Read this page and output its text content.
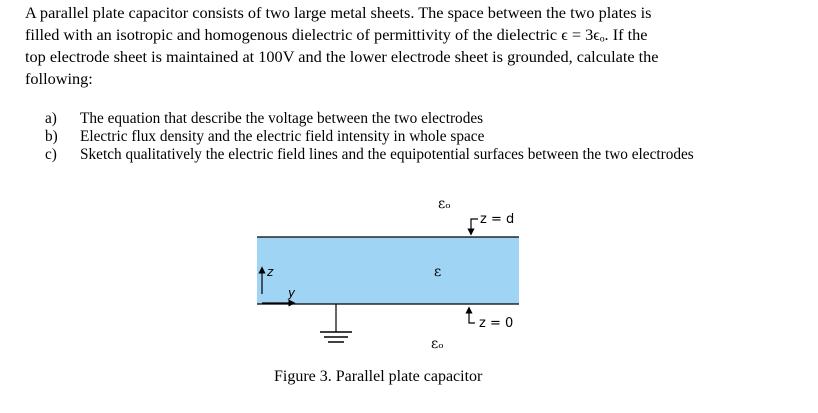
A parallel plate capacitor consists of two large metal sheets. The space between the two plates is
filled with an isotropic and homogenous dielectric of permittivity of the dielectric ϵ = 3ϵₒ. If the
top electrode sheet is maintained at 100V and the lower electrode sheet is grounded, calculate the
following:
a) The equation that describe the voltage between the two electrodes
b) Electric flux density and the electric field intensity in whole space
c) Sketch qualitatively the electric field lines and the equipotential surfaces between the two electrodes
εₒ
ε
εₒ
z = d
z = 0
z
y
Figure 3. Parallel plate capacitor
